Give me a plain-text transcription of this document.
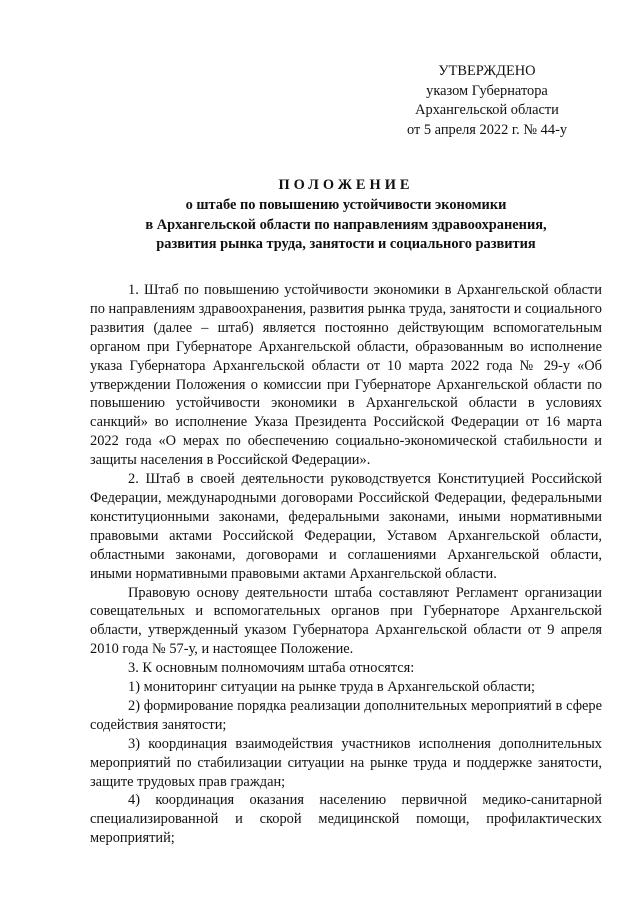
УТВЕРЖДЕНО
указом Губернатора
Архангельской области
от 5 апреля 2022 г. № 44-у
ПОЛОЖЕНИЕ
о штабе по повышению устойчивости экономики
в Архангельской области по направлениям здравоохранения,
развития рынка труда, занятости и социального развития

1. Штаб по повышению устойчивости экономики в Архангельской области по направлениям здравоохранения, развития рынка труда, занятости и социального развития (далее – штаб) является постоянно действующим вспомогательным органом при Губернаторе Архангельской области, образованным во исполнение указа Губернатора Архангельской области от 10 марта 2022 года № 29-у «Об утверждении Положения о комиссии при Губернаторе Архангельской области по повышению устойчивости экономики в Архангельской области в условиях санкций» во исполнение Указа Президента Российской Федерации от 16 марта 2022 года «О мерах по обеспечению социально-экономической стабильности и защиты населения в Российской Федерации».

2. Штаб в своей деятельности руководствуется Конституцией Российской Федерации, международными договорами Российской Федерации, федеральными конституционными законами, федеральными законами, иными нормативными правовыми актами Российской Федерации, Уставом Архангельской области, областными законами, договорами и соглашениями Архангельской области, иными нормативными правовыми актами Архангельской области.

Правовую основу деятельности штаба составляют Регламент организации совещательных и вспомогательных органов при Губернаторе Архангельской области, утвержденный указом Губернатора Архангельской области от 9 апреля 2010 года № 57-у, и настоящее Положение.

3. К основным полномочиям штаба относятся:

1) мониторинг ситуации на рынке труда в Архангельской области;

2) формирование порядка реализации дополнительных мероприятий в сфере содействия занятости;

3) координация взаимодействия участников исполнения дополнительных мероприятий по стабилизации ситуации на рынке труда и поддержке занятости, защите трудовых прав граждан;

4) координация оказания населению первичной медико-санитарной специализированной и скорой медицинской помощи, профилактических мероприятий;
